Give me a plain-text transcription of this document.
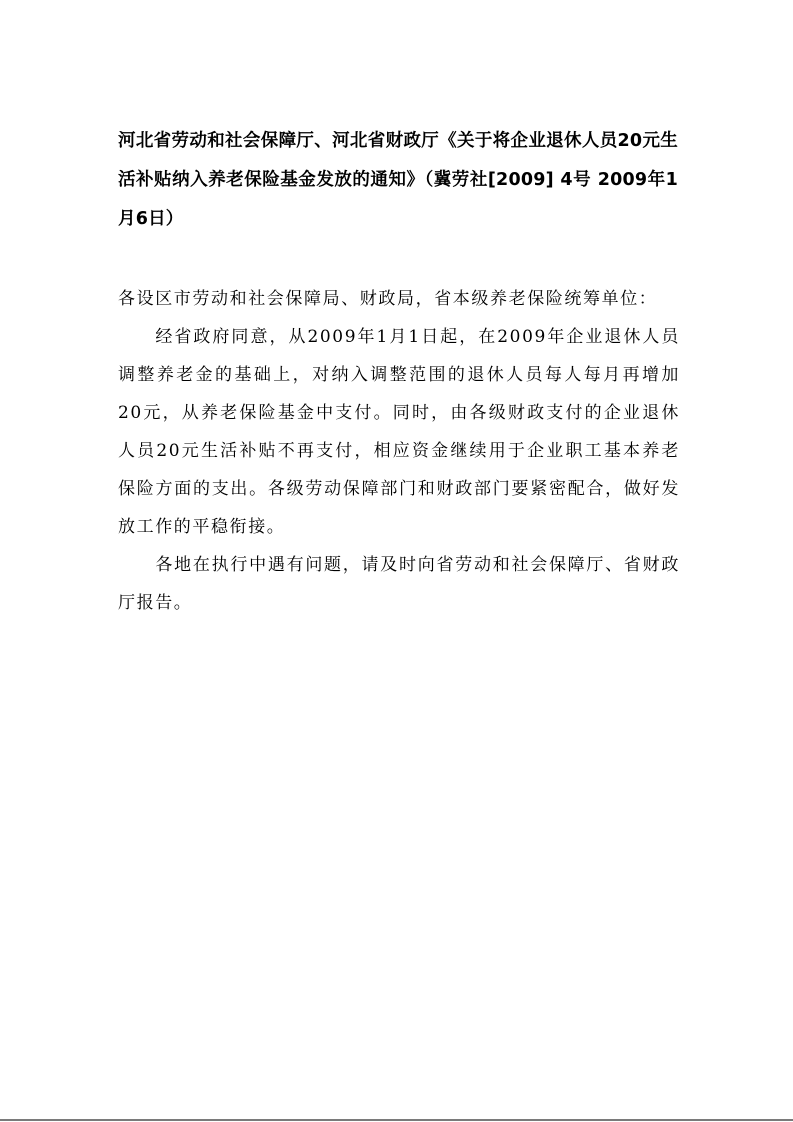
河北省劳动和社会保障厅、河北省财政厅《关于将企业退休人员20元生活补贴纳入养老保险基金发放的通知》（冀劳社[2009] 4号 2009年1月6日）

各设区市劳动和社会保障局、财政局，省本级养老保险统筹单位：

经省政府同意，从2009年1月1日起，在2009年企业退休人员调整养老金的基础上，对纳入调整范围的退休人员每人每月再增加20元，从养老保险基金中支付。同时，由各级财政支付的企业退休人员20元生活补贴不再支付，相应资金继续用于企业职工基本养老保险方面的支出。各级劳动保障部门和财政部门要紧密配合，做好发放工作的平稳衔接。

各地在执行中遇有问题，请及时向省劳动和社会保障厅、省财政厅报告。
